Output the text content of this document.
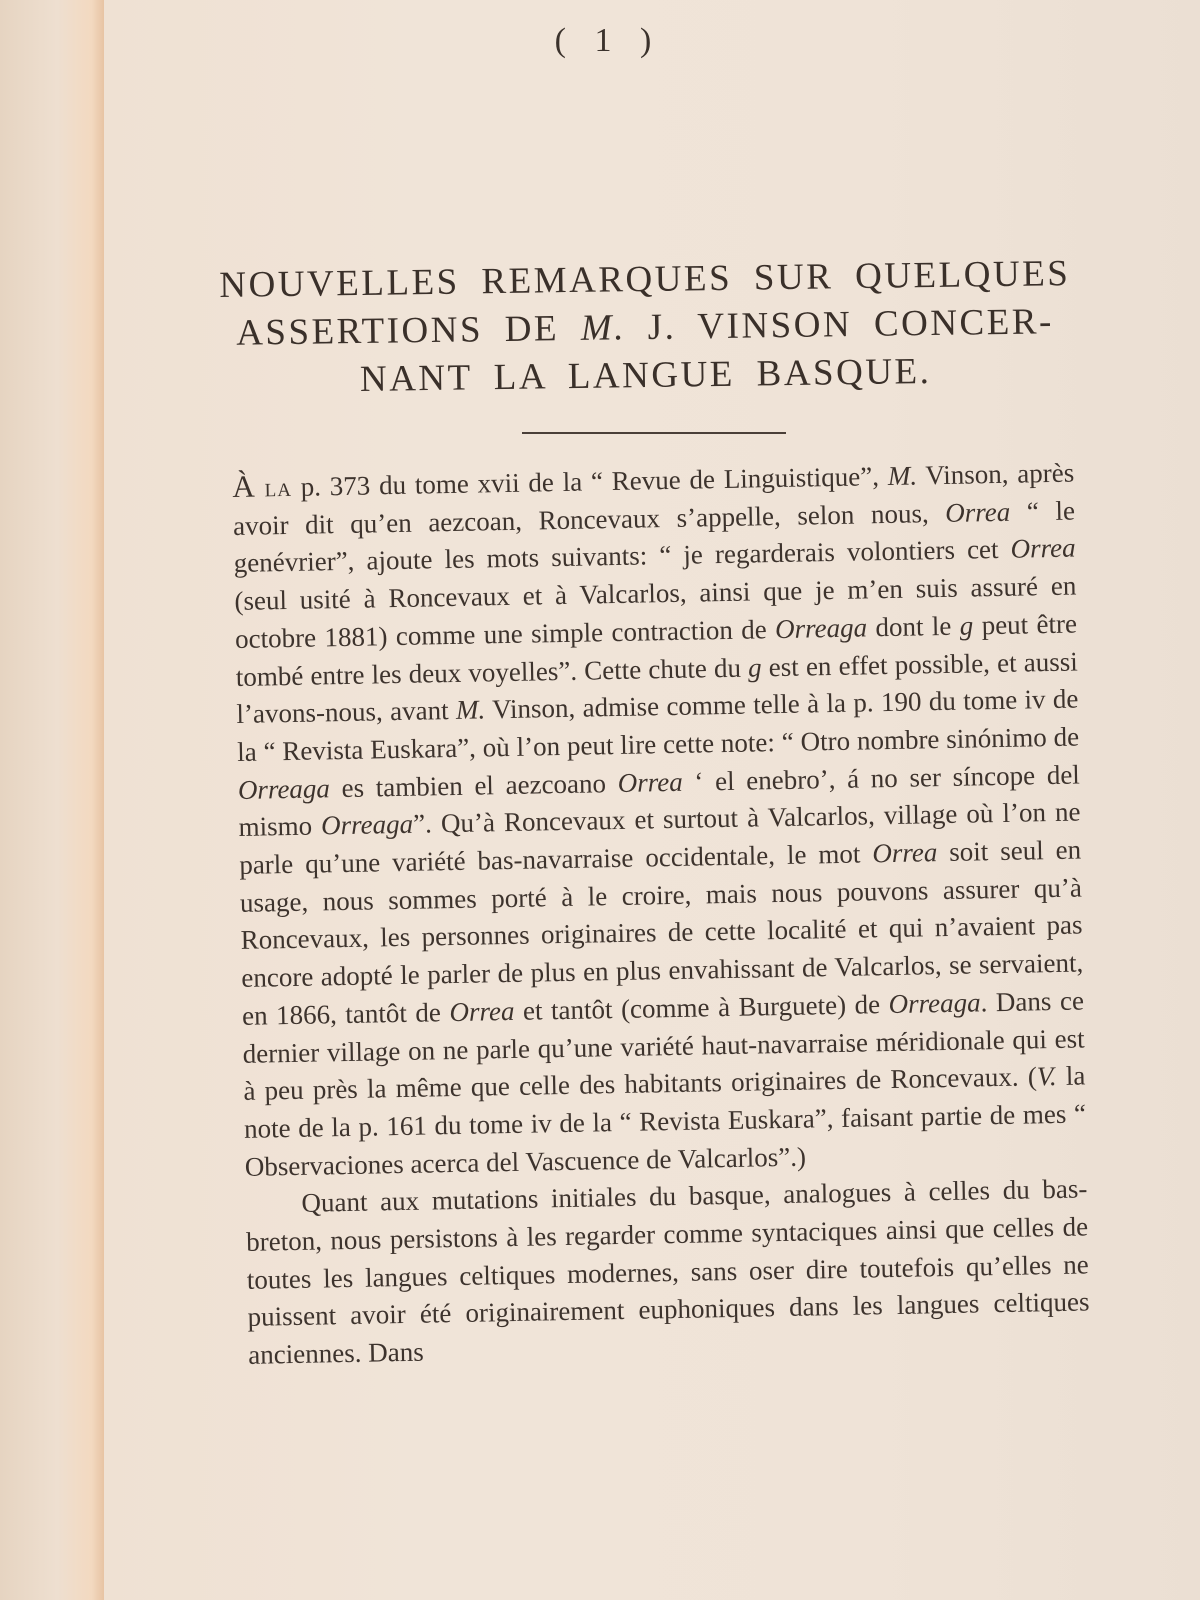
( 1 )
NOUVELLES REMARQUES SUR QUELQUES
ASSERTIONS DE M. J. VINSON CONCER-
NANT LA LANGUE BASQUE.

À la p. 373 du tome xvii de la “ Revue de Linguistique”, M. Vinson, après avoir dit qu’en aezcoan, Roncevaux s’appelle, selon nous, Orrea “ le genévrier”, ajoute les mots suivants: “ je regarderais volontiers cet Orrea (seul usité à Roncevaux et à Valcarlos, ainsi que je m’en suis assuré en octobre 1881) comme une simple contraction de Orreaga dont le g peut être tombé entre les deux voyelles”. Cette chute du g est en effet possible, et aussi l’avons-nous, avant M. Vinson, admise comme telle à la p. 190 du tome iv de la “ Revista Euskara”, où l’on peut lire cette note: “ Otro nombre sinónimo de Orreaga es tambien el aezcoano Orrea ‘ el enebro’, á no ser síncope del mismo Orreaga”. Qu’à Roncevaux et surtout à Valcarlos, village où l’on ne parle qu’une variété bas-navarraise occidentale, le mot Orrea soit seul en usage, nous sommes porté à le croire, mais nous pouvons assurer qu’à Roncevaux, les personnes originaires de cette localité et qui n’avaient pas encore adopté le parler de plus en plus envahissant de Valcarlos, se servaient, en 1866, tantôt de Orrea et tantôt (comme à Burguete) de Orreaga. Dans ce dernier village on ne parle qu’une variété haut-navarraise méridionale qui est à peu près la même que celle des habitants originaires de Roncevaux. (V. la note de la p. 161 du tome iv de la “ Revista Euskara”, faisant partie de mes “ Observaciones acerca del Vascuence de Valcarlos”.)

Quant aux mutations initiales du basque, analogues à celles du bas-breton, nous persistons à les regarder comme syntaciques ainsi que celles de toutes les langues celtiques modernes, sans oser dire toutefois qu’elles ne puissent avoir été originairement euphoniques dans les langues celtiques anciennes. Dans
